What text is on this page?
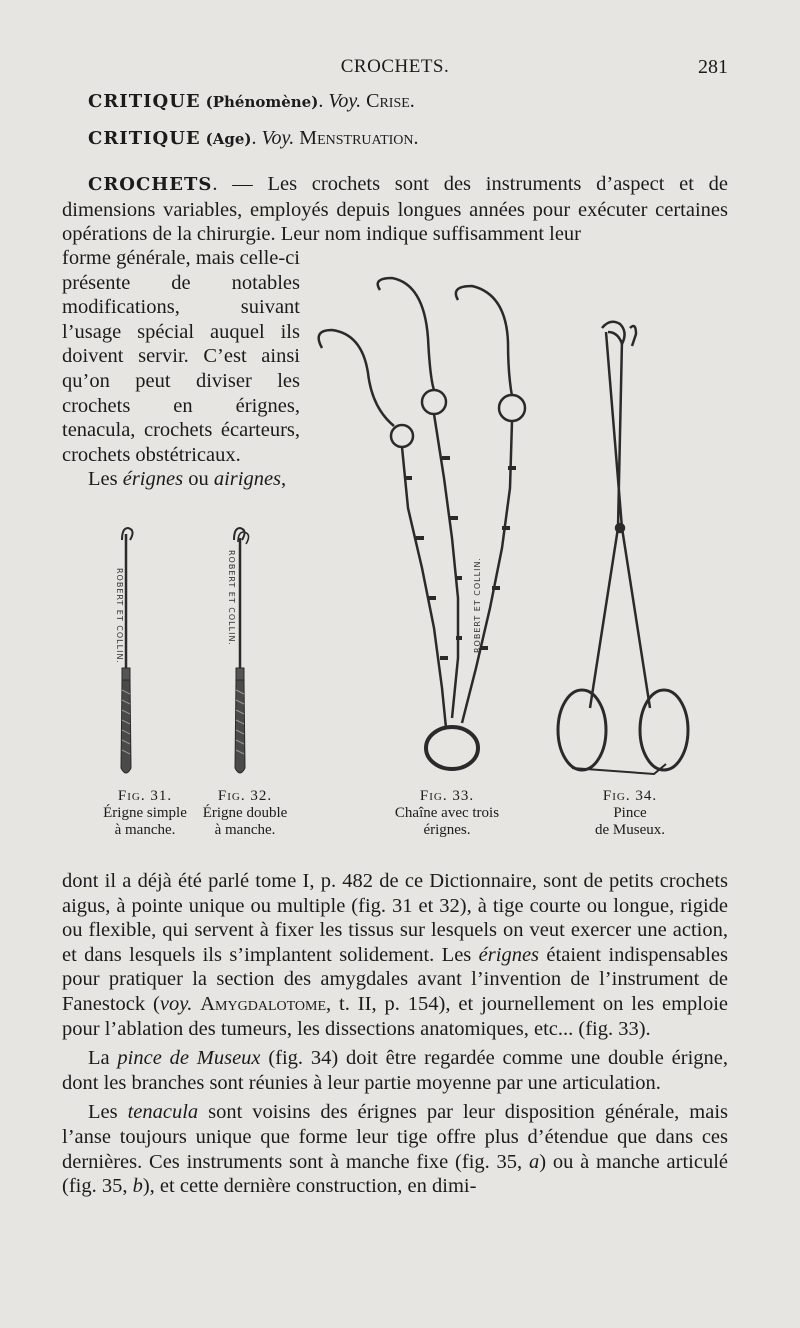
CROCHETS.	281
CRITIQUE (Phénomène). Voy. Crise.
CRITIQUE (Age). Voy. Menstruation.

CROCHETS. — Les crochets sont des instruments d’aspect et de dimensions variables, employés depuis longues années pour exécuter certaines opérations de la chirurgie. Leur nom indique suffisamment leur

forme générale, mais celle-ci présente de notables modifications, suivant l’usage spécial auquel ils doivent servir. C’est ainsi qu’on peut diviser les crochets en érignes, tenacula, crochets écarteurs, crochets obstétricaux.

Les érignes ou airignes,

ROBERT ET COLLIN.	ROBERT ET COLLIN.	ROBERT ET COLLIN.
Fig. 31.
Érigne simple
à manche.
Fig. 32.
Érigne double
à manche.
Fig. 33.
Chaîne avec trois
érignes.
Fig. 34.
Pince
de Museux.

dont il a déjà été parlé tome I, p. 482 de ce Dictionnaire, sont de petits crochets aigus, à pointe unique ou multiple (fig. 31 et 32), à tige courte ou longue, rigide ou flexible, qui servent à fixer les tissus sur lesquels on veut exercer une action, et dans lesquels ils s’implantent solidement. Les érignes étaient indispensables pour pratiquer la section des amygdales avant l’invention de l’instrument de Fanestock (voy. Amygdalotome, t. II, p. 154), et journellement on les emploie pour l’ablation des tumeurs, les dissections anatomiques, etc... (fig. 33).

La pince de Museux (fig. 34) doit être regardée comme une double érigne, dont les branches sont réunies à leur partie moyenne par une articulation.

Les tenacula sont voisins des érignes par leur disposition générale, mais l’anse toujours unique que forme leur tige offre plus d’étendue que dans ces dernières. Ces instruments sont à manche fixe (fig. 35, a) ou à manche articulé (fig. 35, b), et cette dernière construction, en dimi-
